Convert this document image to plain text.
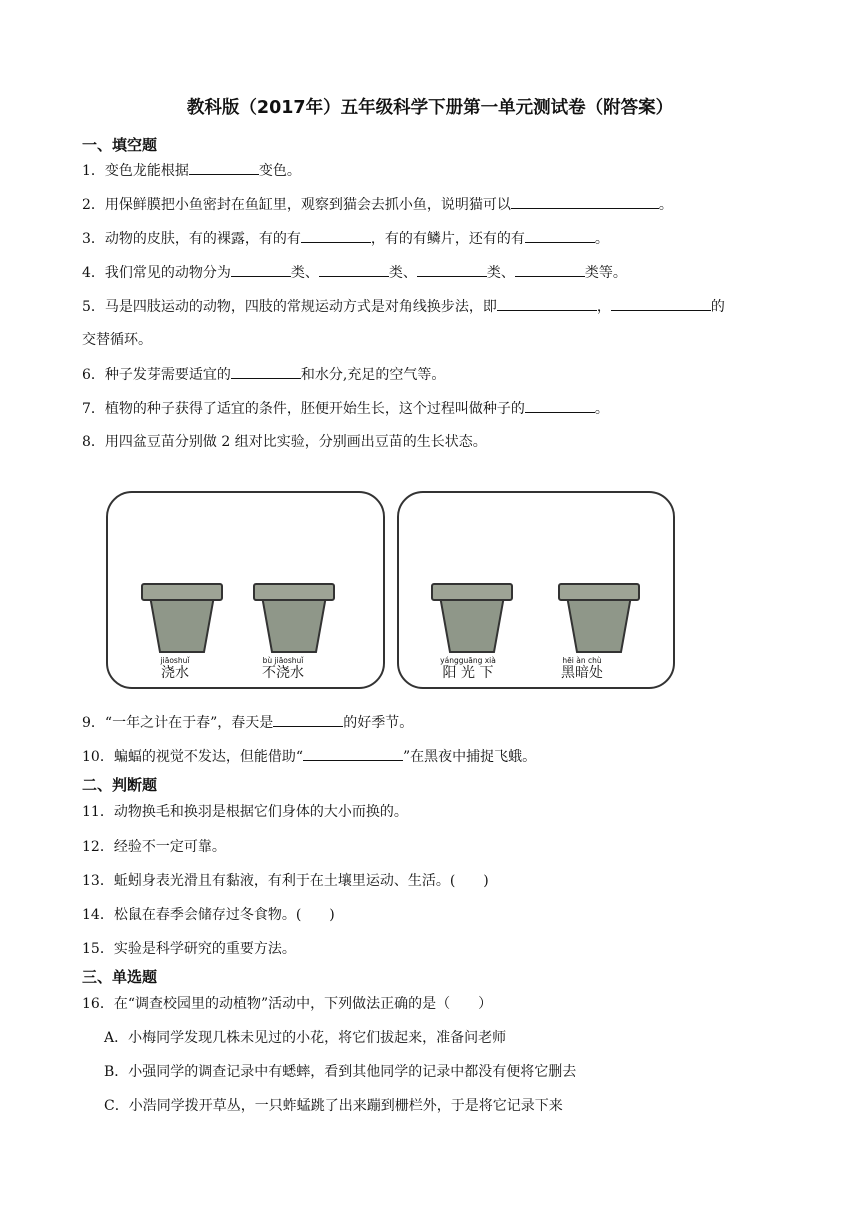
教科版（2017年）五年级科学下册第一单元测试卷（附答案）
一、填空题
1．变色龙能根据	变色。
2．用保鲜膜把小鱼密封在鱼缸里，观察到猫会去抓小鱼，说明猫可以	。
3．动物的皮肤，有的裸露，有的有	，有的有鳞片，还有的有	。
4．我们常见的动物分为	类、	类、	类、	类等。
5．马是四肢运动的动物，四肢的常规运动方式是对角线换步法，即	，	的
交替循环。
6．种子发芽需要适宜的	和水分,充足的空气等。
7．植物的种子获得了适宜的条件，胚便开始生长，这个过程叫做种子的	。
8．用四盆豆苗分别做 2 组对比实验，分别画出豆苗的生长状态。
jiāoshuǐ
浇水
bù jiāoshuǐ
不浇水
yángguāng xià
阳 光 下
hēi àn chù
黑暗处
9．“一年之计在于春”，春天是	的好季节。
10．蝙蝠的视觉不发达，但能借助“	”在黑夜中捕捉飞蛾。
二、判断题
11．动物换毛和换羽是根据它们身体的大小而换的。
12．经验不一定可靠。
13．蚯蚓身表光滑且有黏液，有利于在土壤里运动、生活。(　　)
14．松鼠在春季会储存过冬食物。(　　)
15．实验是科学研究的重要方法。
三、单选题
16．在“调查校园里的动植物”活动中，下列做法正确的是（　　）
A．小梅同学发现几株未见过的小花，将它们拔起来，准备问老师
B．小强同学的调查记录中有蟋蟀，看到其他同学的记录中都没有便将它删去
C．小浩同学拨开草丛，一只蚱蜢跳了出来蹦到栅栏外，于是将它记录下来
